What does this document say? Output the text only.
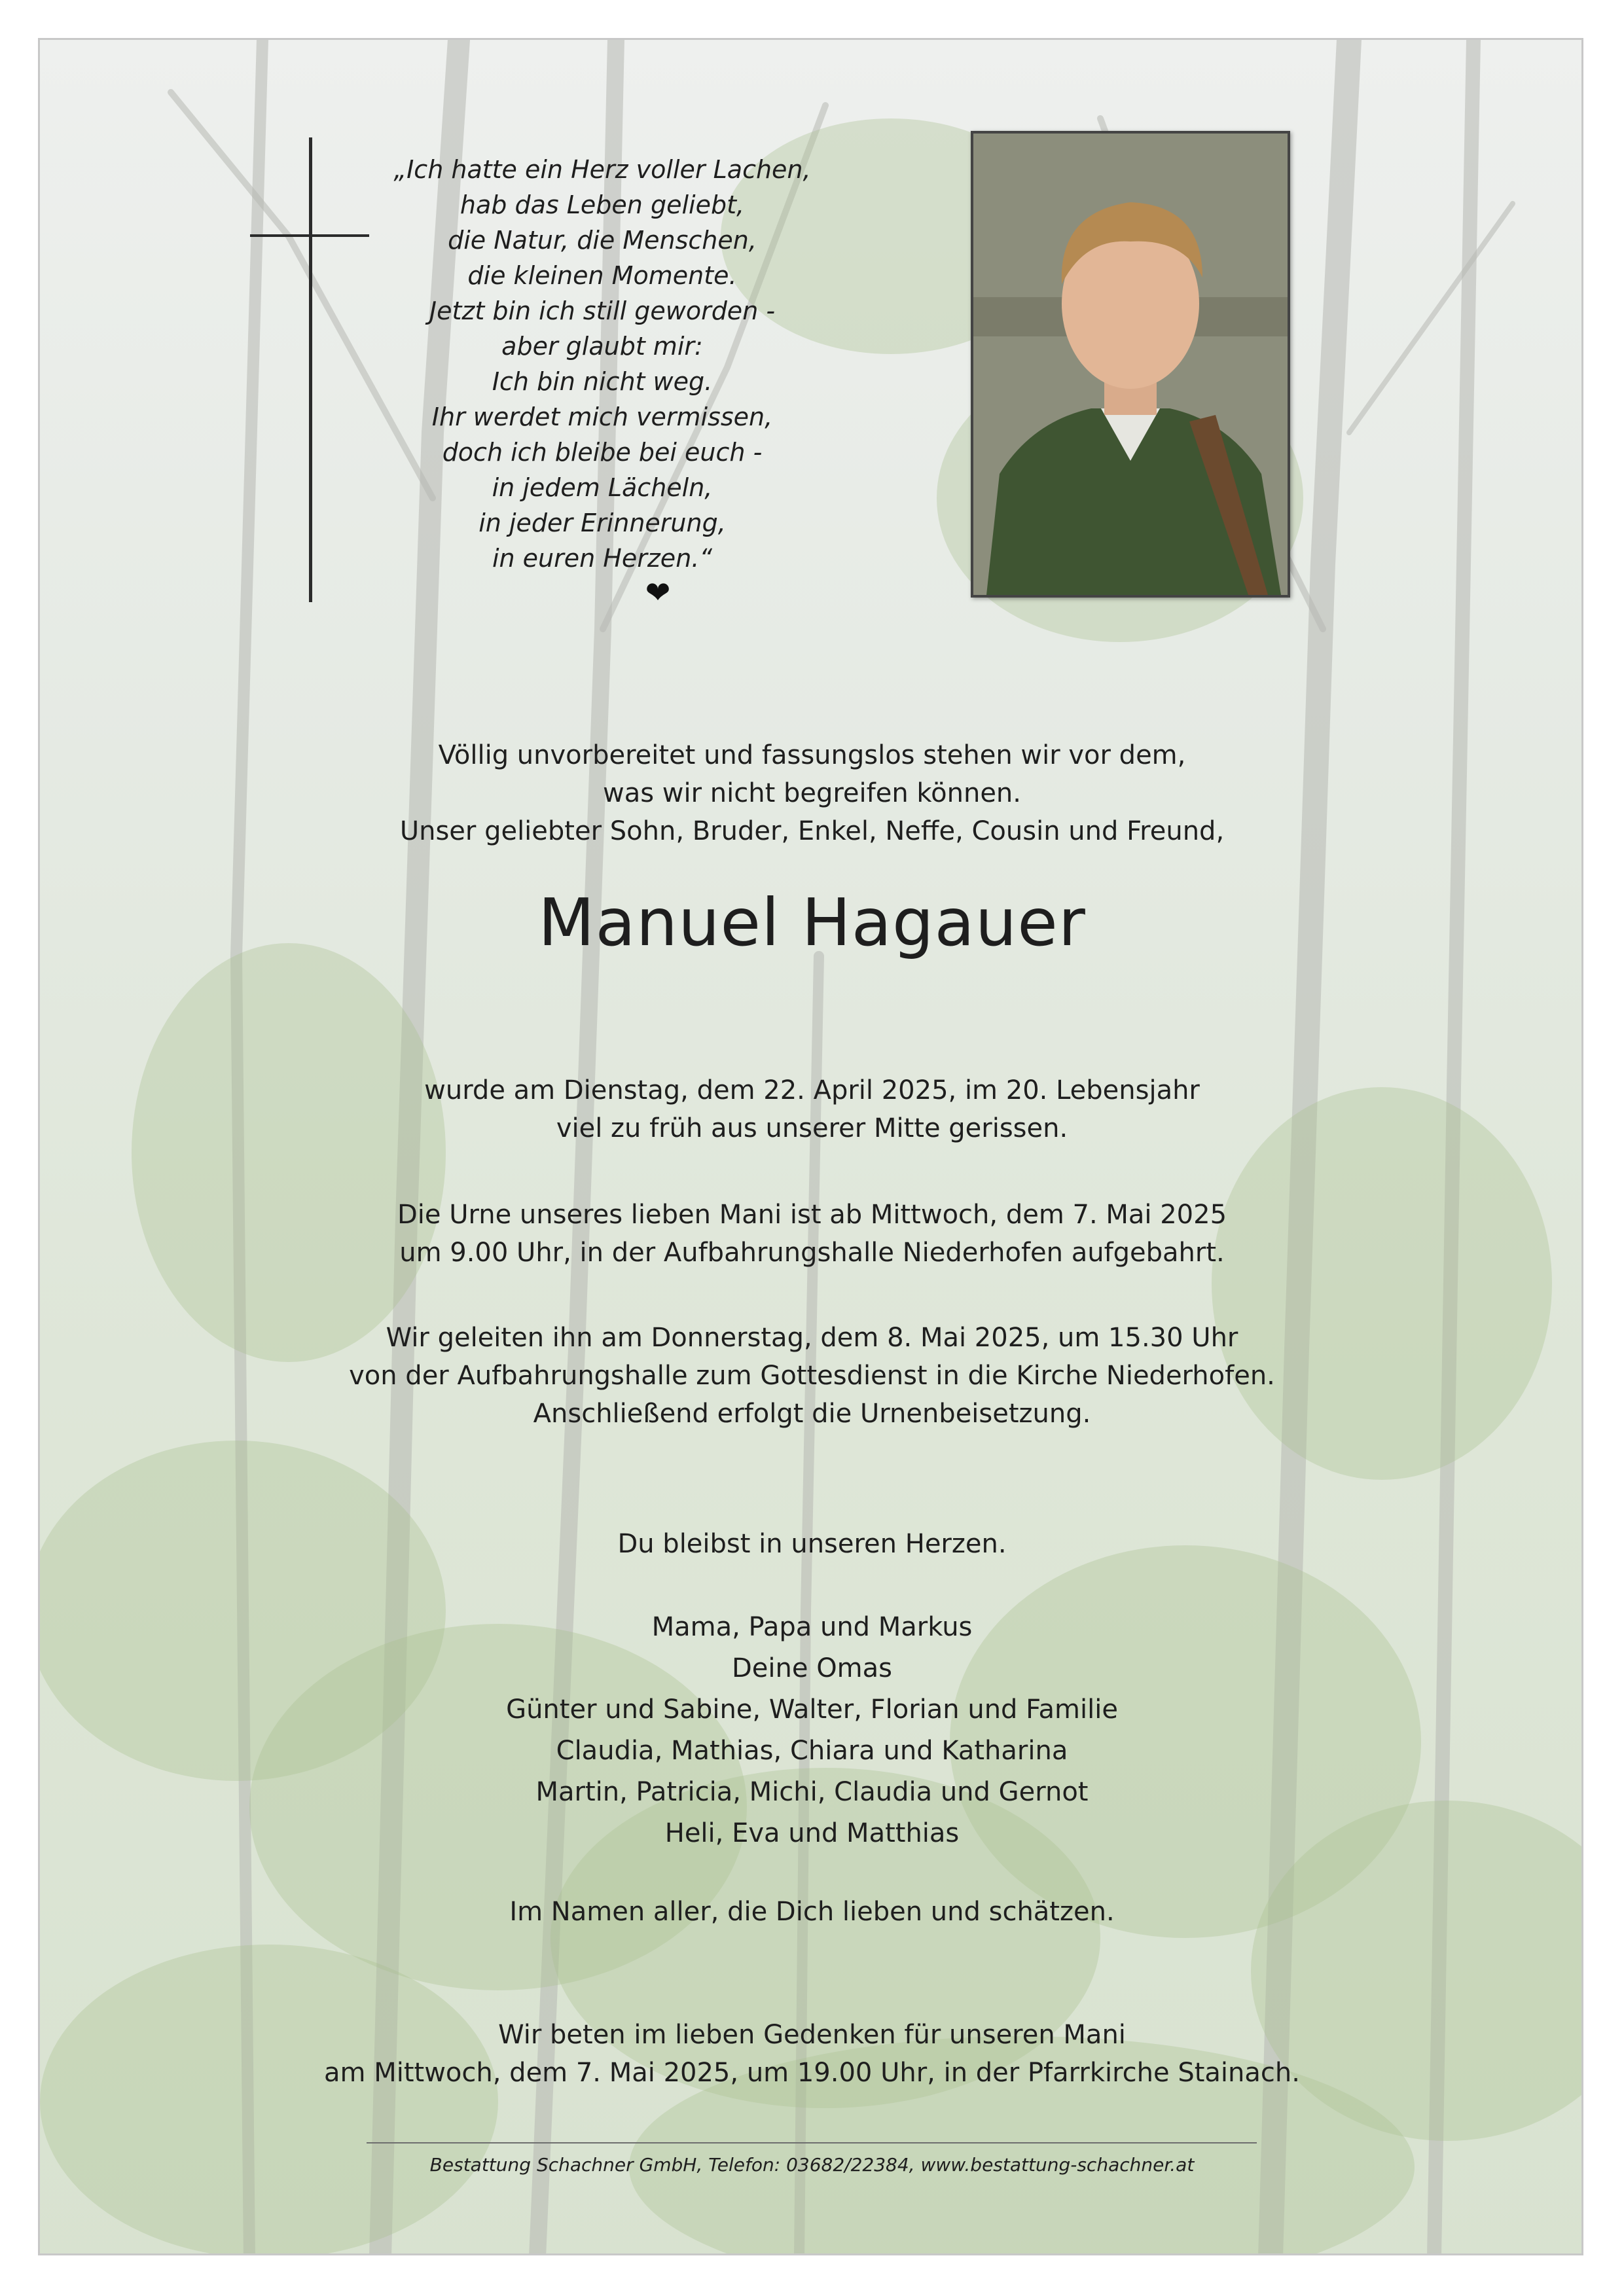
„Ich hatte ein Herz voller Lachen,
hab das Leben geliebt,
die Natur, die Menschen,
die kleinen Momente.
Jetzt bin ich still geworden -
aber glaubt mir:
Ich bin nicht weg.
Ihr werdet mich vermissen,
doch ich bleibe bei euch -
in jedem Lächeln,
in jeder Erinnerung,
in euren Herzen.“
❤
Völlig unvorbereitet und fassungslos stehen wir vor dem,
was wir nicht begreifen können.
Unser geliebter Sohn, Bruder, Enkel, Neffe, Cousin und Freund,
Manuel Hagauer
wurde am Dienstag, dem 22. April 2025, im 20. Lebensjahr
viel zu früh aus unserer Mitte gerissen.
Die Urne unseres lieben Mani ist ab Mittwoch, dem 7. Mai 2025
um 9.00 Uhr, in der Aufbahrungshalle Niederhofen aufgebahrt.
Wir geleiten ihn am Donnerstag, dem 8. Mai 2025, um 15.30 Uhr
von der Aufbahrungshalle zum Gottesdienst in die Kirche Niederhofen.
Anschließend erfolgt die Urnenbeisetzung.
Du bleibst in unseren Herzen.
Mama, Papa und Markus
Deine Omas
Günter und Sabine, Walter, Florian und Familie
Claudia, Mathias, Chiara und Katharina
Martin, Patricia, Michi, Claudia und Gernot
Heli, Eva und Matthias
Im Namen aller, die Dich lieben und schätzen.
Wir beten im lieben Gedenken für unseren Mani
am Mittwoch, dem 7. Mai 2025, um 19.00 Uhr, in der Pfarrkirche Stainach.
Bestattung Schachner GmbH, Telefon: 03682/22384, www.bestattung-schachner.at
